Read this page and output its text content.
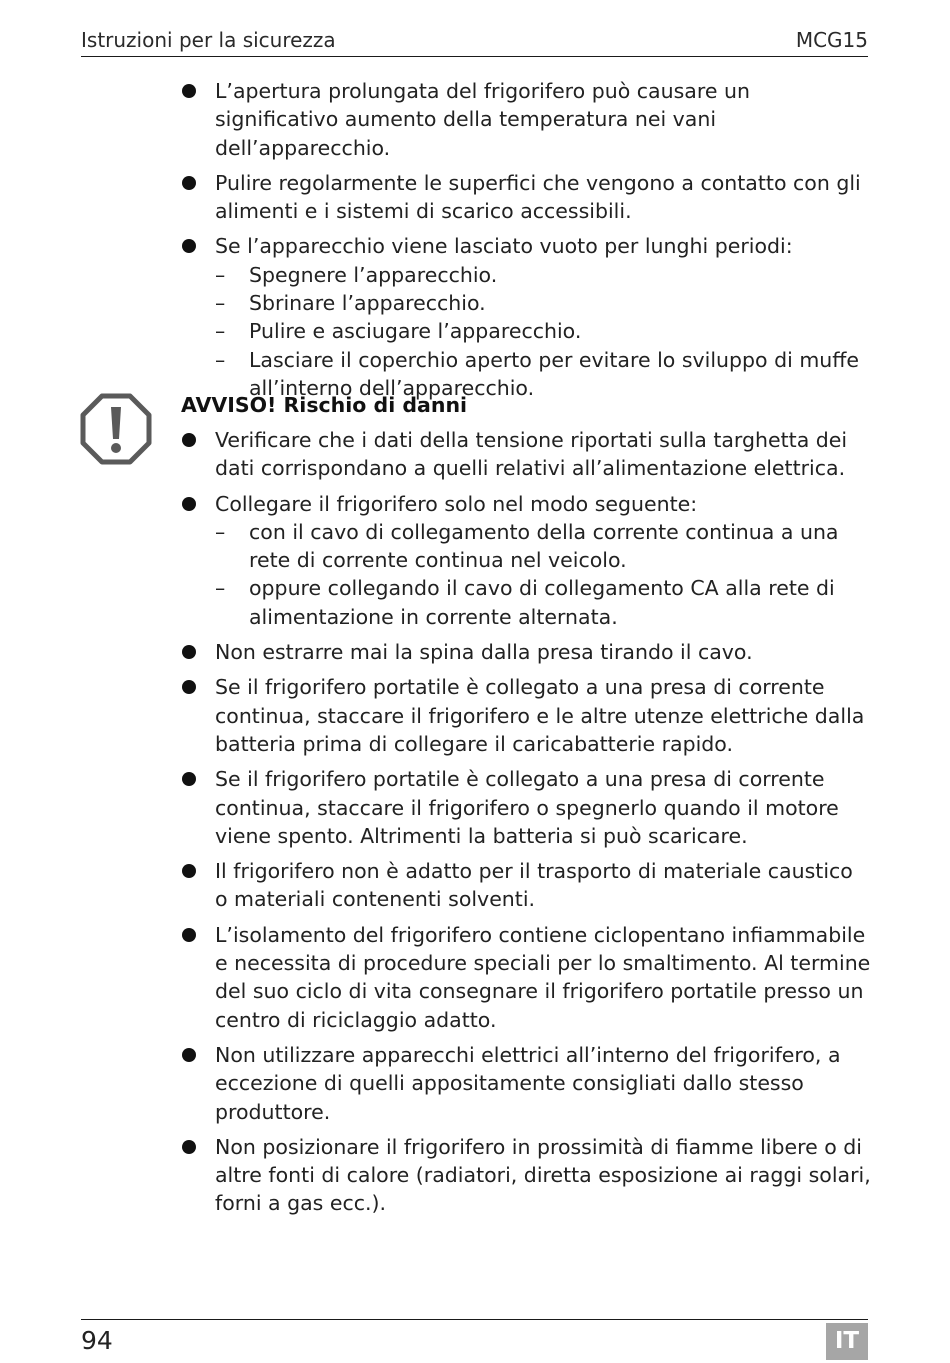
Istruzioni per la sicurezza	MCG15
L’apertura prolungata del frigorifero può causare un significativo aumento della temperatura nei vani dell’apparecchio.
Pulire regolarmente le superfici che vengono a contatto con gli alimenti e i sistemi di scarico accessibili.
Se l’apparecchio viene lasciato vuoto per lunghi periodi:
– Spegnere l’apparecchio.
– Sbrinare l’apparecchio.
– Pulire e asciugare l’apparecchio.
– Lasciare il coperchio aperto per evitare lo sviluppo di muffe all’interno dell’apparecchio.
AVVISO! Rischio di danni
Verificare che i dati della tensione riportati sulla targhetta dei dati corrispondano a quelli relativi all’alimentazione elettrica.
Collegare il frigorifero solo nel modo seguente:
– con il cavo di collegamento della corrente continua a una rete di corrente continua nel veicolo.
– oppure collegando il cavo di collegamento CA alla rete di alimentazione in corrente alternata.
Non estrarre mai la spina dalla presa tirando il cavo.
Se il frigorifero portatile è collegato a una presa di corrente continua, staccare il frigorifero e le altre utenze elettriche dalla batteria prima di collegare il caricabatterie rapido.
Se il frigorifero portatile è collegato a una presa di corrente continua, staccare il frigorifero o spegnerlo quando il motore viene spento. Altrimenti la batteria si può scaricare.
Il frigorifero non è adatto per il trasporto di materiale caustico o materiali contenenti solventi.
L’isolamento del frigorifero contiene ciclopentano infiammabile e necessita di procedure speciali per lo smaltimento. Al termine del suo ciclo di vita consegnare il frigorifero portatile presso un centro di riciclaggio adatto.
Non utilizzare apparecchi elettrici all’interno del frigorifero, a eccezione di quelli appositamente consigliati dallo stesso produttore.
Non posizionare il frigorifero in prossimità di fiamme libere o di altre fonti di calore (radiatori, diretta esposizione ai raggi solari, forni a gas ecc.).
94	IT
